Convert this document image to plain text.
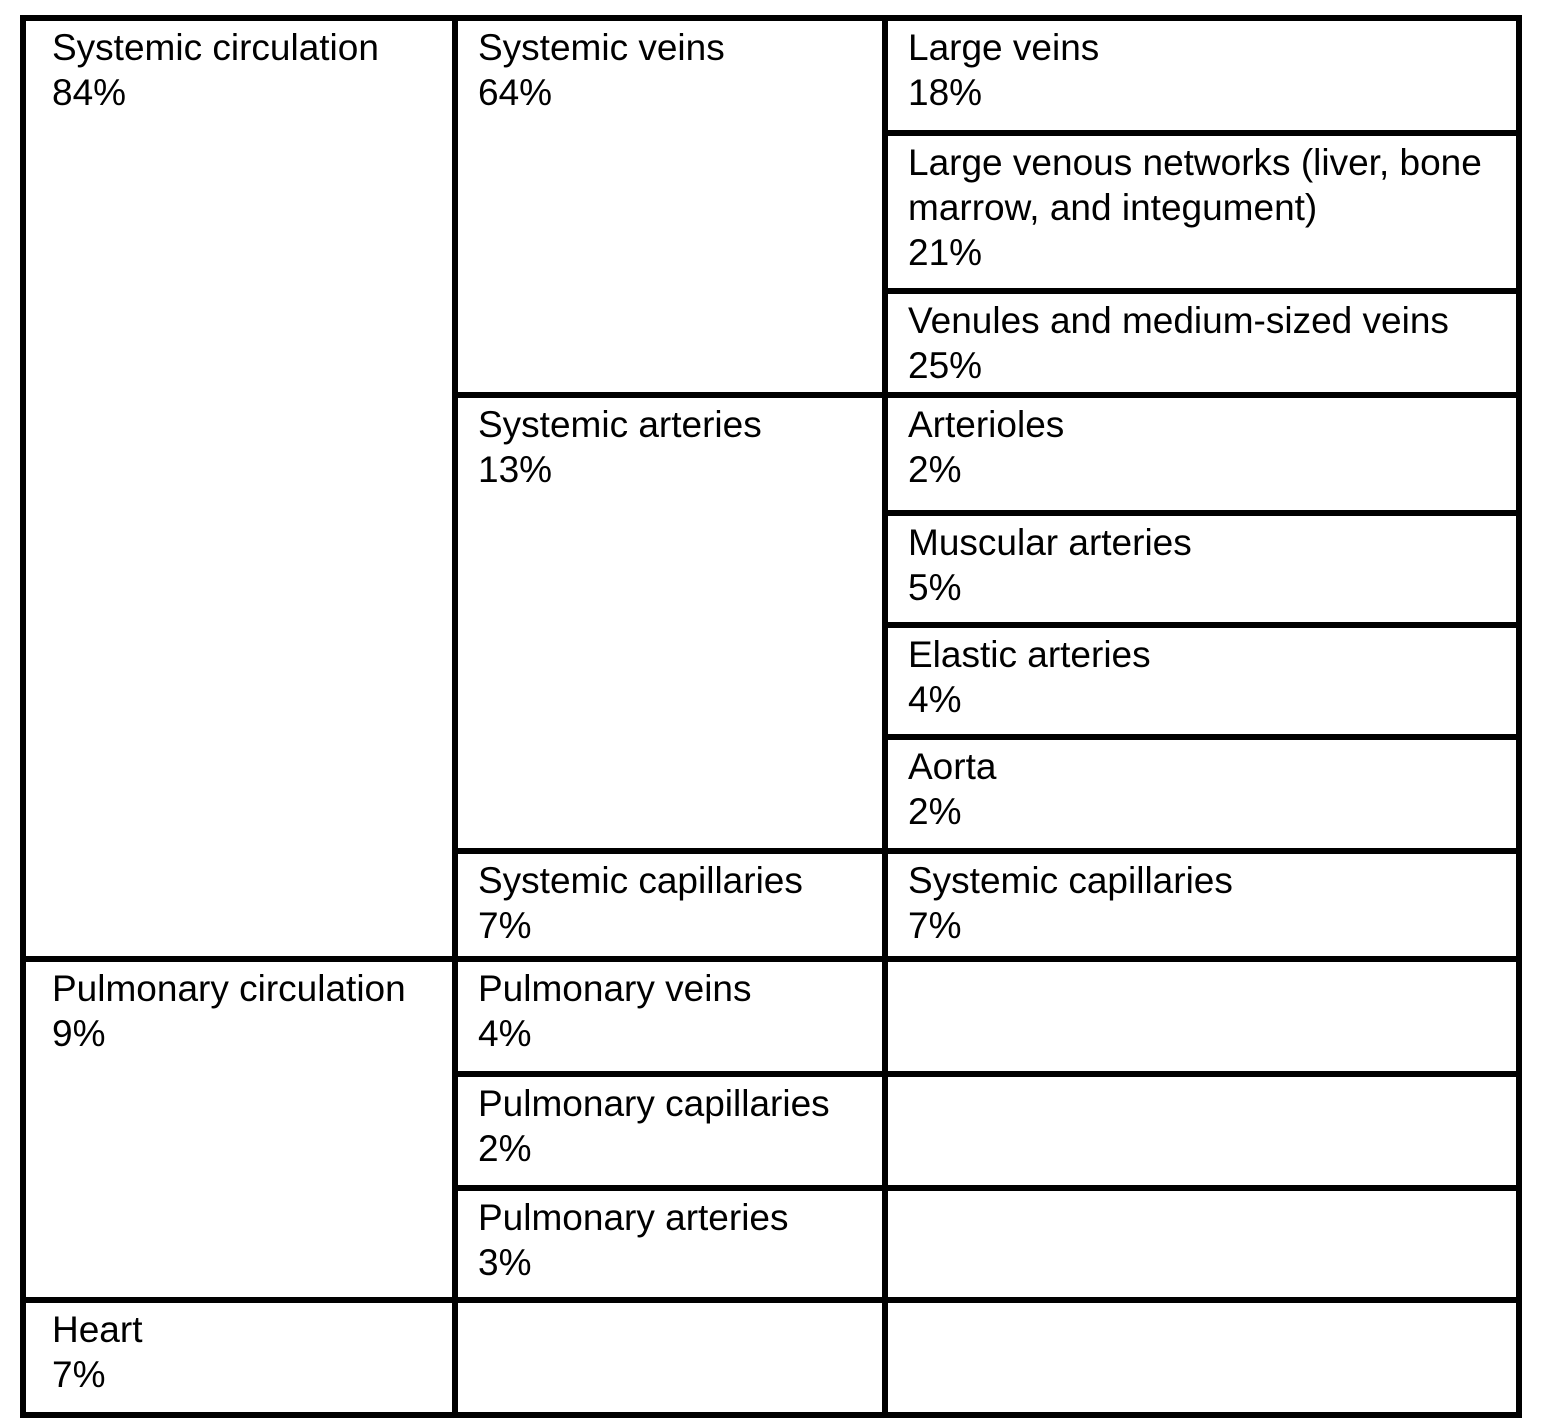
Systemic circulation
84%
Pulmonary circulation
9%
Heart
7%
Systemic veins
64%
Systemic arteries
13%
Systemic capillaries
7%
Pulmonary veins
4%
Pulmonary capillaries
2%
Pulmonary arteries
3%
Large veins
18%
Large venous networks (liver, bone marrow, and integument)
21%
Venules and medium-sized veins
25%
Arterioles
2%
Muscular arteries
5%
Elastic arteries
4%
Aorta
2%
Systemic capillaries
7%
